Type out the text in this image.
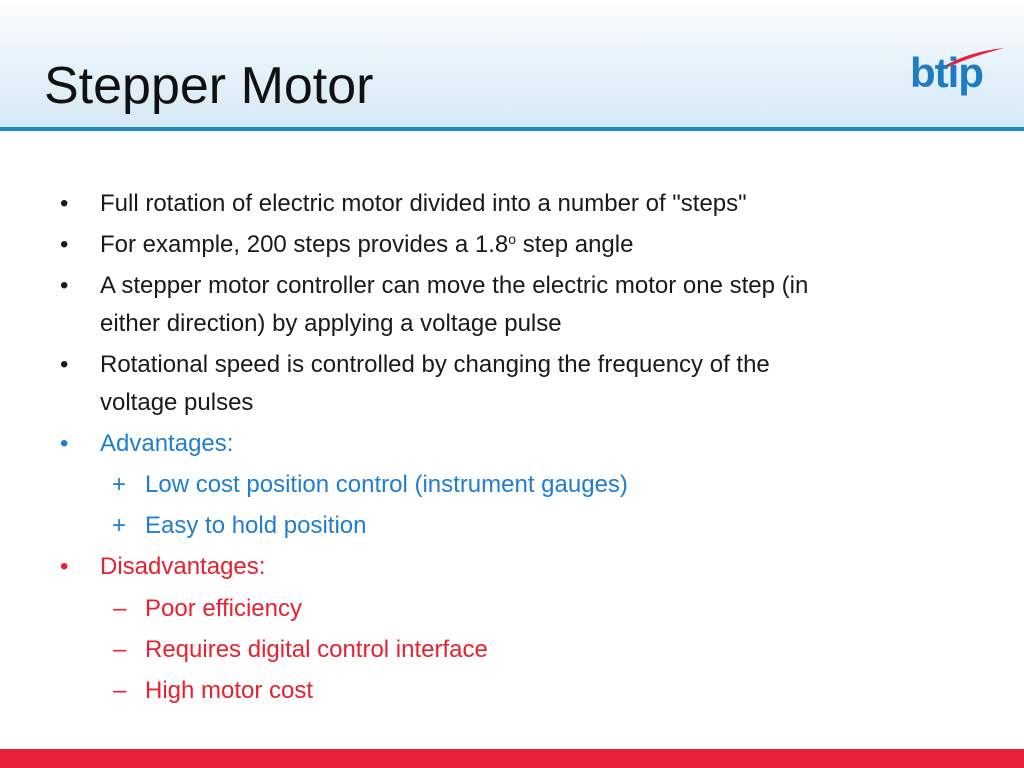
Stepper Motor	btip
•	Full rotation of electric motor divided into a number of "steps"
•	For example, 200 steps provides a 1.8$^o$ step angle
•	A stepper motor controller can move the electric motor one step (in
either direction) by applying a voltage pulse
•	Rotational speed is controlled by changing the frequency of the
voltage pulses
•	Advantages:
+ Low cost position control (instrument gauges)
+ Easy to hold position
•	Disadvantages:
– Poor efficiency
– Requires digital control interface
– High motor cost
